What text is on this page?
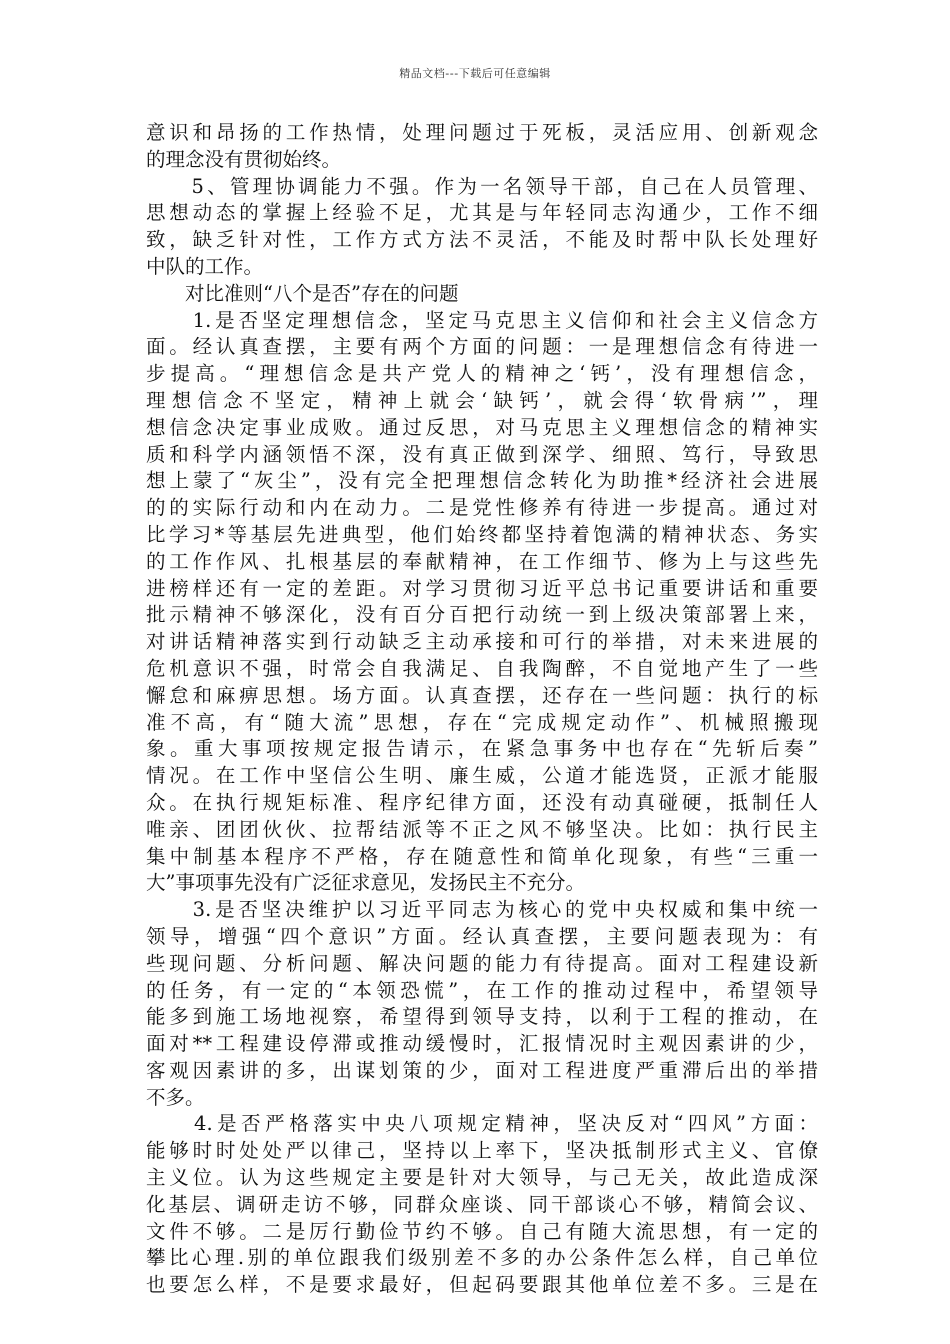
精品文档---下载后可任意编辑
意识和昂扬的工作热情，处理问题过于死板，灵活应用、创新观念
的理念没有贯彻始终。
　　5、管理协调能力不强。作为一名领导干部，自己在人员管理、
思想动态的掌握上经验不足，尤其是与年轻同志沟通少，工作不细
致，缺乏针对性，工作方式方法不灵活，不能及时帮中队长处理好
中队的工作。
　　对比准则“八个是否”存在的问题
　　1.是否坚定理想信念，坚定马克思主义信仰和社会主义信念方
面。经认真查摆，主要有两个方面的问题：一是理想信念有待进一
步提高。“理想信念是共产党人的精神之‘钙’，没有理想信念，
理想信念不坚定，精神上就会‘缺钙’，就会得‘软骨病’”，理
想信念决定事业成败。通过反思，对马克思主义理想信念的精神实
质和科学内涵领悟不深，没有真正做到深学、细照、笃行，导致思
想上蒙了“灰尘”，没有完全把理想信念转化为助推*经济社会进展
的的实际行动和内在动力。二是党性修养有待进一步提高。通过对
比学习*等基层先进典型，他们始终都坚持着饱满的精神状态、务实
的工作作风、扎根基层的奉献精神，在工作细节、修为上与这些先
进榜样还有一定的差距。对学习贯彻习近平总书记重要讲话和重要
批示精神不够深化，没有百分百把行动统一到上级决策部署上来，
对讲话精神落实到行动缺乏主动承接和可行的举措，对未来进展的
危机意识不强，时常会自我满足、自我陶醉，不自觉地产生了一些
懈怠和麻痹思想。场方面。认真查摆，还存在一些问题：执行的标
准不高，有“随大流”思想，存在“完成规定动作”、机械照搬现
象。重大事项按规定报告请示，在紧急事务中也存在“先斩后奏”
情况。在工作中坚信公生明、廉生威，公道才能选贤，正派才能服
众。在执行规矩标准、程序纪律方面，还没有动真碰硬，抵制任人
唯亲、团团伙伙、拉帮结派等不正之风不够坚决。比如：执行民主
集中制基本程序不严格，存在随意性和简单化现象，有些“三重一
大”事项事先没有广泛征求意见，发扬民主不充分。
　　3.是否坚决维护以习近平同志为核心的党中央权威和集中统一
领导，增强“四个意识”方面。经认真查摆，主要问题表现为：有
些现问题、分析问题、解决问题的能力有待提高。面对工程建设新
的任务，有一定的“本领恐慌”，在工作的推动过程中，希望领导
能多到施工场地视察，希望得到领导支持，以利于工程的推动，在
面对**工程建设停滞或推动缓慢时，汇报情况时主观因素讲的少，
客观因素讲的多，出谋划策的少，面对工程进度严重滞后出的举措
不多。
　　4.是否严格落实中央八项规定精神，坚决反对“四风”方面：
能够时时处处严以律己，坚持以上率下，坚决抵制形式主义、官僚
主义位。认为这些规定主要是针对大领导，与己无关，故此造成深
化基层、调研走访不够，同群众座谈、同干部谈心不够，精简会议、
文件不够。二是厉行勤俭节约不够。自己有随大流思想，有一定的
攀比心理.别的单位跟我们级别差不多的办公条件怎么样，自己单位
也要怎么样，不是要求最好，但起码要跟其他单位差不多。三是在
